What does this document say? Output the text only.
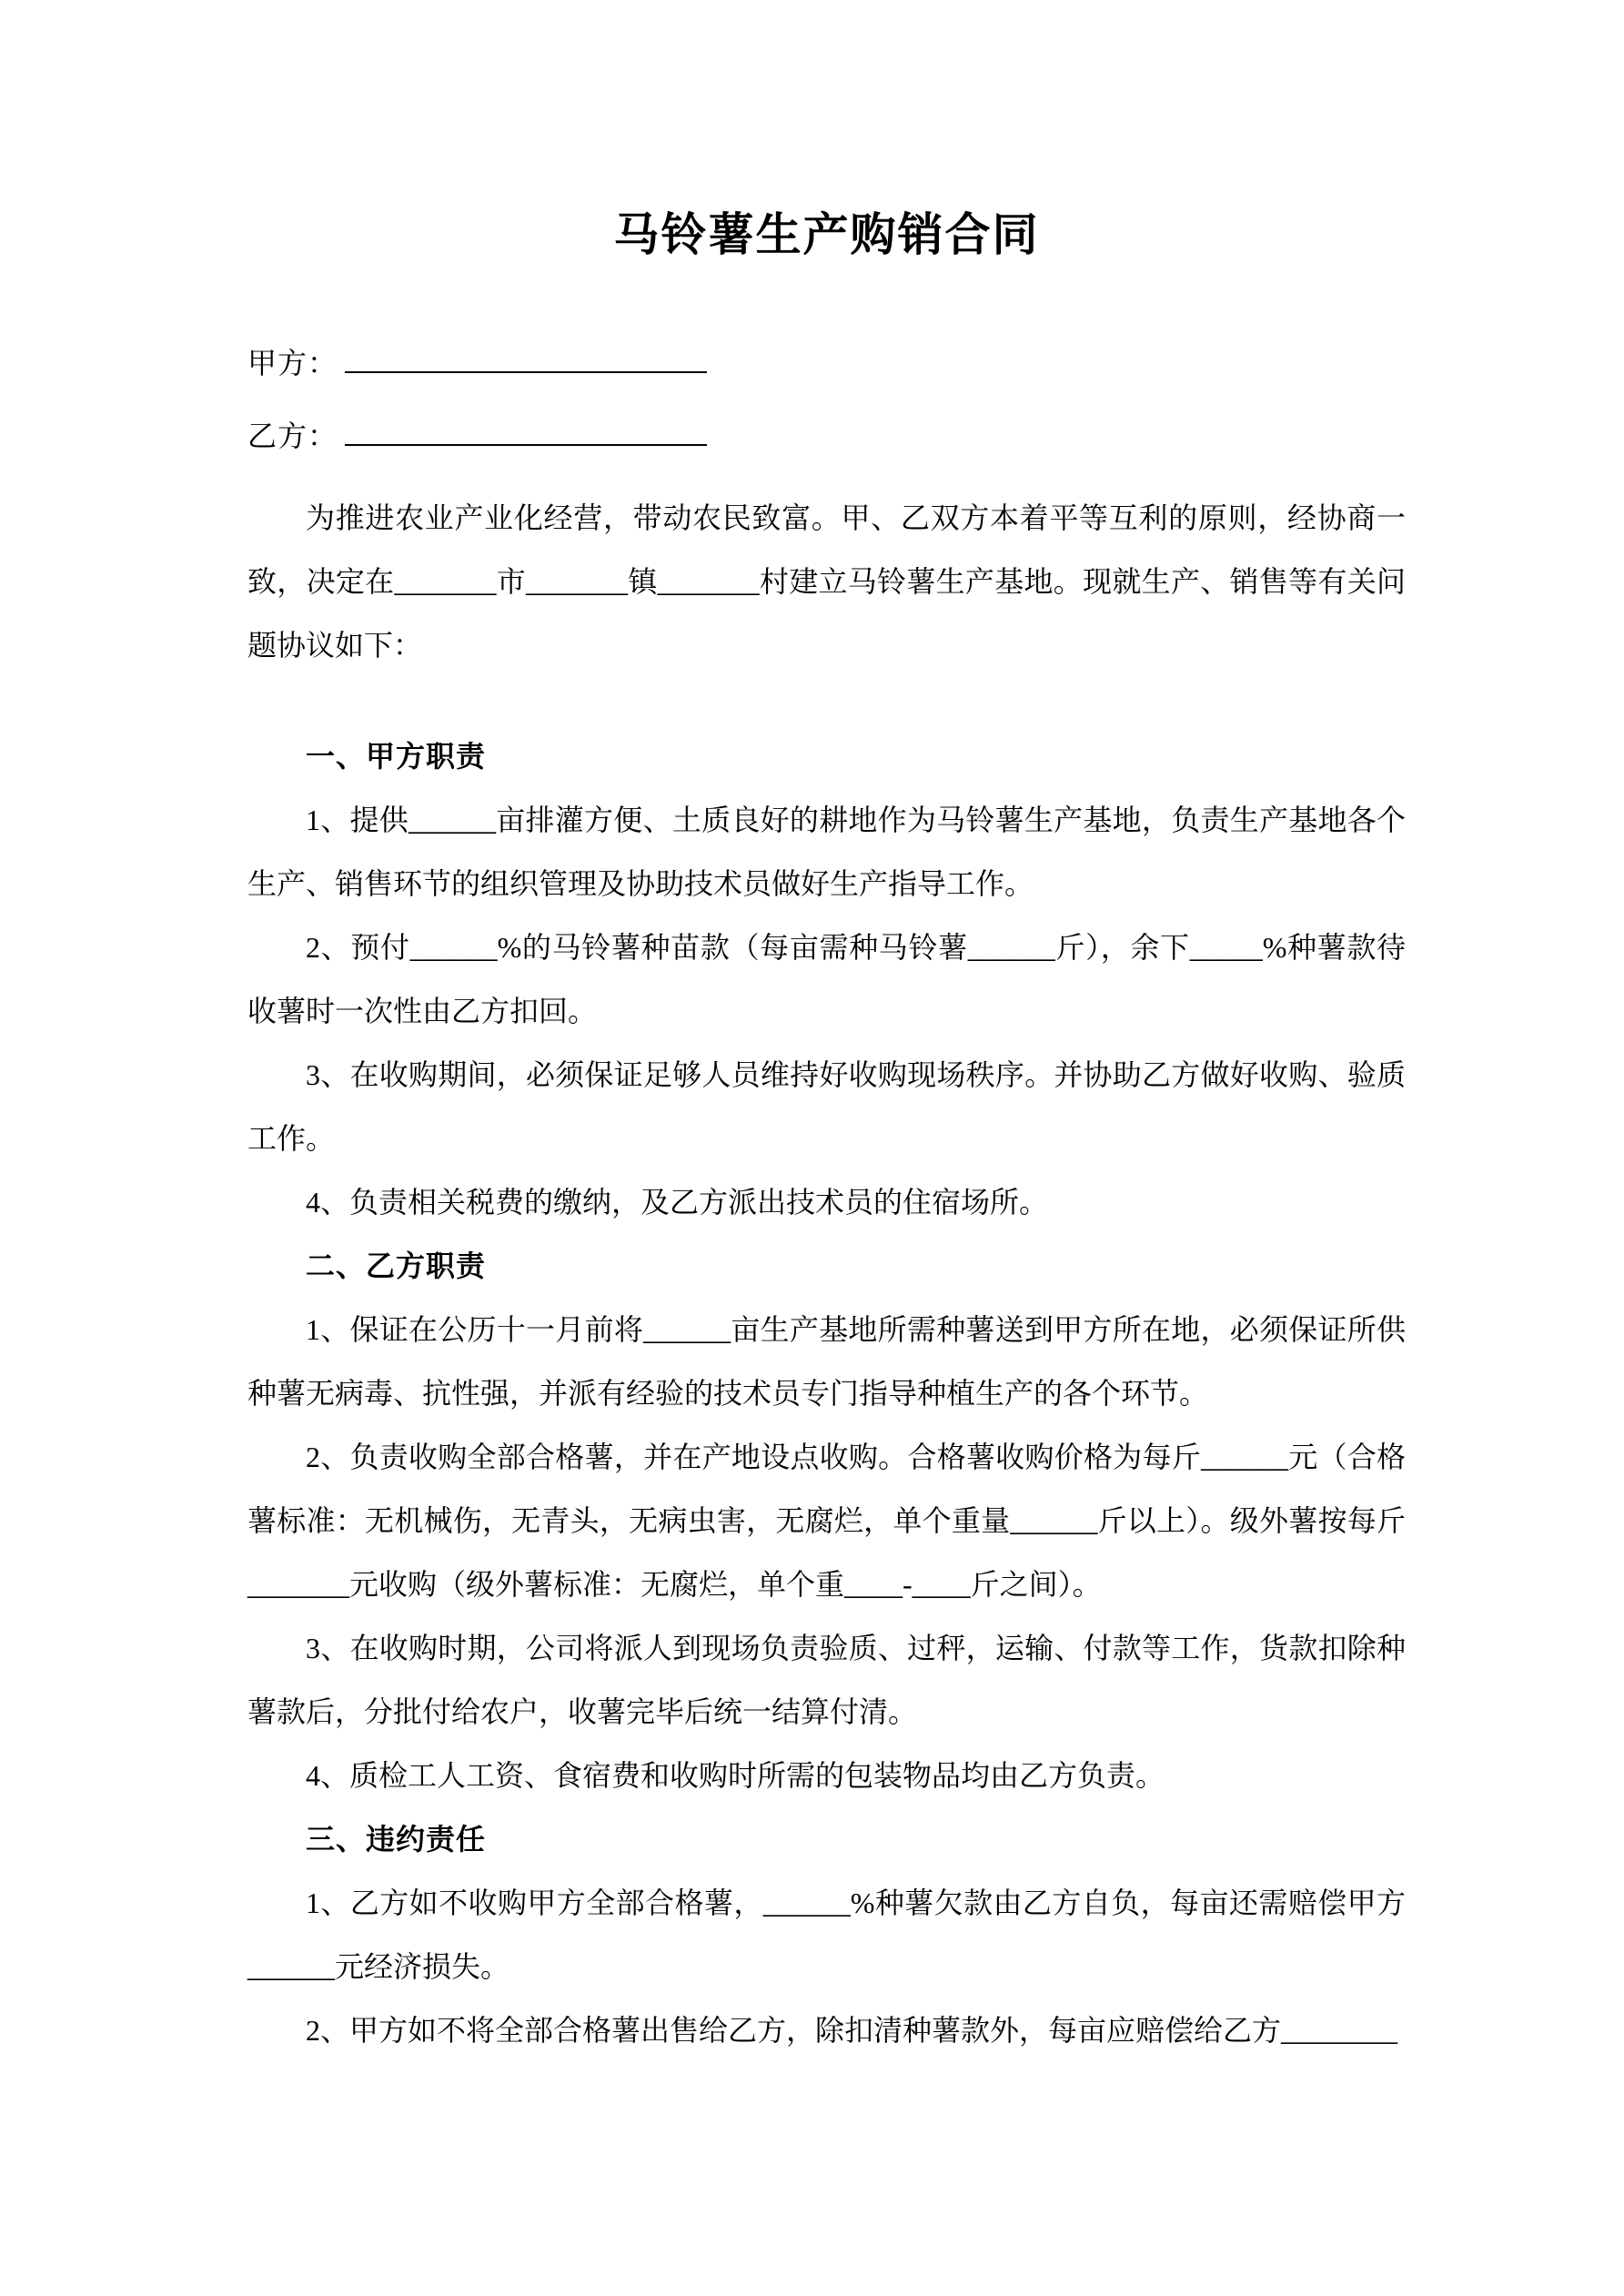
马铃薯生产购销合同
甲方：
乙方：

为推进农业产业化经营，带动农民致富。甲、乙双方本着平等互利的原则，经协商一致，决定在_______市_______镇_______村建立马铃薯生产基地。现就生产、销售等有关问题协议如下：

一、甲方职责

1、提供______亩排灌方便、土质良好的耕地作为马铃薯生产基地，负责生产基地各个生产、销售环节的组织管理及协助技术员做好生产指导工作。

2、预付______%的马铃薯种苗款（每亩需种马铃薯______斤），余下_____%种薯款待收薯时一次性由乙方扣回。

3、在收购期间，必须保证足够人员维持好收购现场秩序。并协助乙方做好收购、验质工作。

4、负责相关税费的缴纳，及乙方派出技术员的住宿场所。

二、乙方职责

1、保证在公历十一月前将______亩生产基地所需种薯送到甲方所在地，必须保证所供种薯无病毒、抗性强，并派有经验的技术员专门指导种植生产的各个环节。

2、负责收购全部合格薯，并在产地设点收购。合格薯收购价格为每斤______元（合格薯标准：无机械伤，无青头，无病虫害，无腐烂，单个重量______斤以上）。级外薯按每斤_______元收购（级外薯标准：无腐烂，单个重____-____斤之间）。

3、在收购时期，公司将派人到现场负责验质、过秤，运输、付款等工作，货款扣除种薯款后，分批付给农户，收薯完毕后统一结算付清。

4、质检工人工资、食宿费和收购时所需的包装物品均由乙方负责。

三、违约责任

1、乙方如不收购甲方全部合格薯，______%种薯欠款由乙方自负，每亩还需赔偿甲方______元经济损失。

2、甲方如不将全部合格薯出售给乙方，除扣清种薯款外，每亩应赔偿给乙方________
